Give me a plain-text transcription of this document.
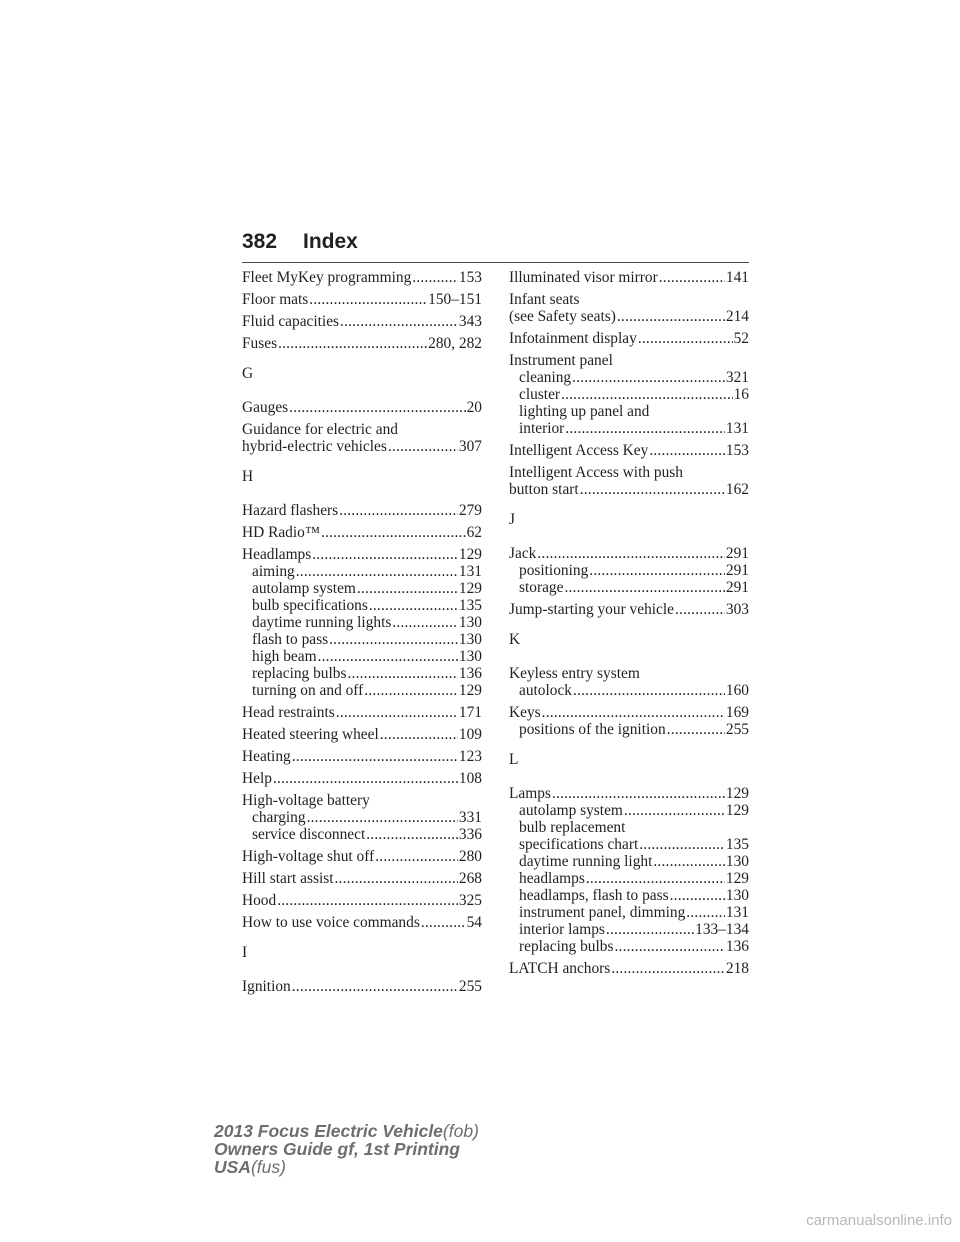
382 Index
Fleet MyKey programming .....	153
Floor mats .....	150–151
Fluid capacities .....	343
Fuses .....	280, 282
G
Gauges .....	20
Guidance for electric and
hybrid-electric vehicles .....	307
H
Hazard flashers .....	279
HD Radio™ .....	62
Headlamps .....	129
aiming .....	131
autolamp system .....	129
bulb specifications .....	135
daytime running lights .....	130
flash to pass .....	130
high beam .....	130
replacing bulbs .....	136
turning on and off .....	129
Head restraints .....	171
Heated steering wheel .....	109
Heating .....	123
Help .....	108
High-voltage battery
charging .....	331
service disconnect .....	336
High-voltage shut off .....	280
Hill start assist .....	268
Hood .....	325
How to use voice commands .....	54
I
Ignition .....	255
Illuminated visor mirror .....	141
Infant seats
(see Safety seats) .....	214
Infotainment display .....	52
Instrument panel
cleaning .....	321
cluster .....	16
lighting up panel and
interior .....	131
Intelligent Access Key .....	153
Intelligent Access with push
button start .....	162
J
Jack .....	291
positioning .....	291
storage .....	291
Jump-starting your vehicle .....	303
K
Keyless entry system
autolock .....	160
Keys .....	169
positions of the ignition .....	255
L
Lamps .....	129
autolamp system .....	129
bulb replacement
specifications chart .....	135
daytime running light .....	130
headlamps .....	129
headlamps, flash to pass .....	130
instrument panel, dimming .....	131
interior lamps .....	133–134
replacing bulbs .....	136
LATCH anchors .....	218
2013 Focus Electric Vehicle(fob)
Owners Guide gf, 1st Printing
USA(fus)
carmanualsonline.info
